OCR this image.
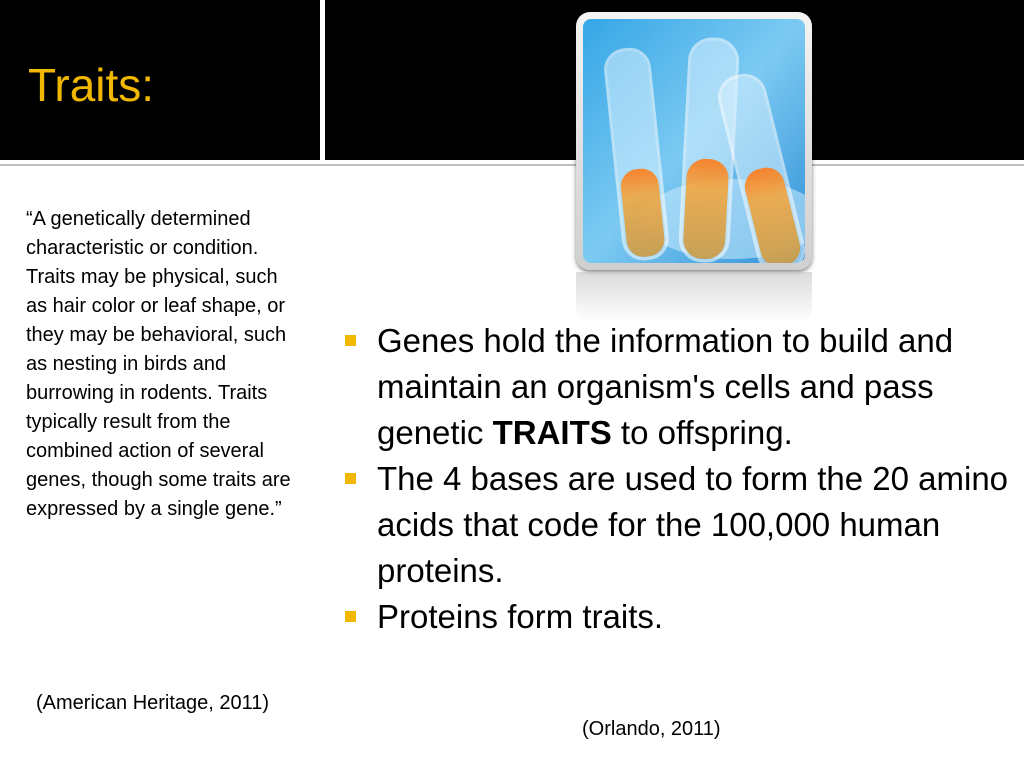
Traits:

“A genetically determined characteristic or condition. Traits may be physical, such as hair color or leaf shape, or they may be behavioral, such as nesting in birds and burrowing in rodents. Traits typically result from the combined action of several genes, though some traits are expressed by a single gene.”

(American Heritage, 2011)

Genes hold the information to build and maintain an organism's cells and pass genetic TRAITS to offspring.
The 4 bases are used to form the 20 amino acids that code for the 100,000 human proteins.
Proteins form traits.

(Orlando, 2011)
